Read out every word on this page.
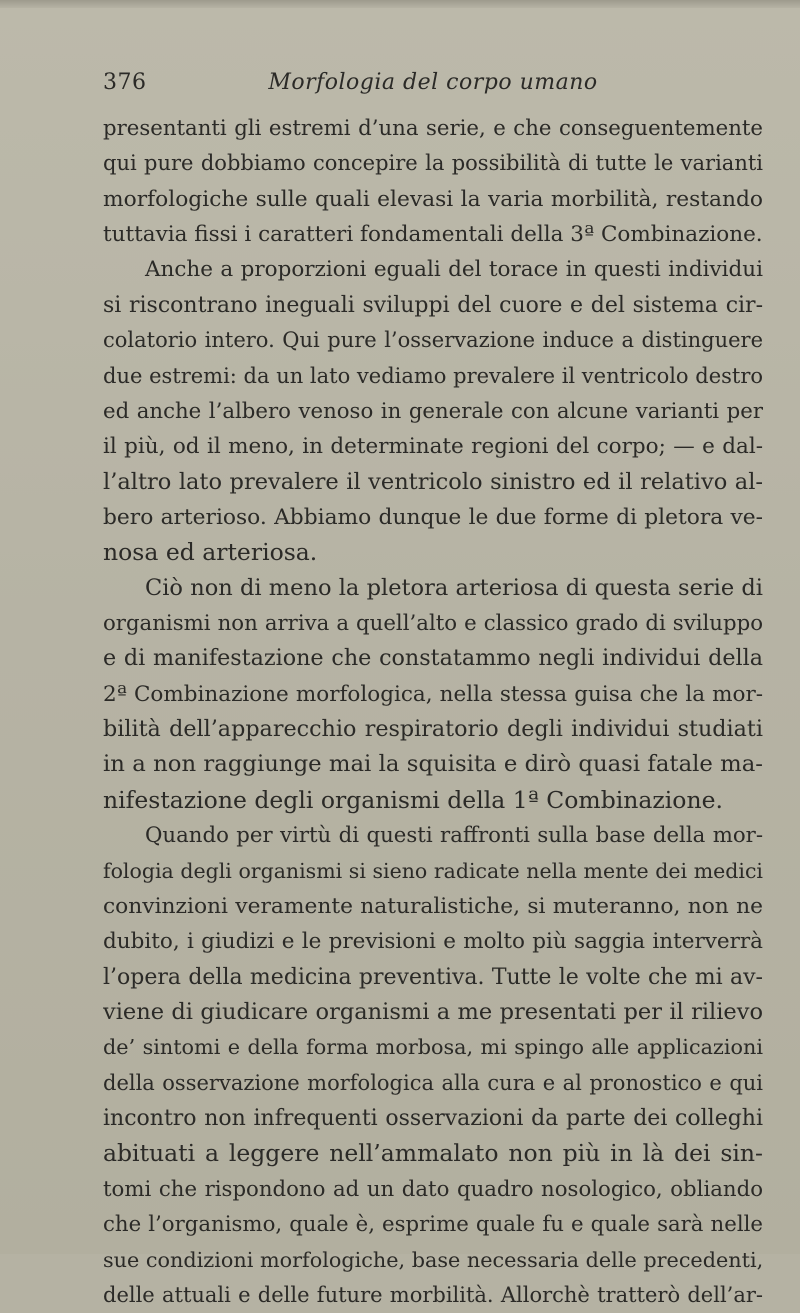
376	Morfologia del corpo umano
presentanti gli estremi d’una serie, e che conseguentemente
qui pure dobbiamo concepire la possibilità di tutte le varianti
morfologiche sulle quali elevasi la varia morbilità, restando
tuttavia fissi i caratteri fondamentali della 3ª Combinazione.
Anche a proporzioni eguali del torace in questi individui
si riscontrano ineguali sviluppi del cuore e del sistema cir-
colatorio intero. Qui pure l’osservazione induce a distinguere
due estremi: da un lato vediamo prevalere il ventricolo destro
ed anche l’albero venoso in generale con alcune varianti per
il più, od il meno, in determinate regioni del corpo; — e dal-
l’altro lato prevalere il ventricolo sinistro ed il relativo al-
bero arterioso. Abbiamo dunque le due forme di pletora ve-
nosa ed arteriosa.
Ciò non di meno la pletora arteriosa di questa serie di
organismi non arriva a quell’alto e classico grado di sviluppo
e di manifestazione che constatammo negli individui della
2ª Combinazione morfologica, nella stessa guisa che la mor-
bilità dell’apparecchio respiratorio degli individui studiati
in a non raggiunge mai la squisita e dirò quasi fatale ma-
nifestazione degli organismi della 1ª Combinazione.
Quando per virtù di questi raffronti sulla base della mor-
fologia degli organismi si sieno radicate nella mente dei medici
convinzioni veramente naturalistiche, si muteranno, non ne
dubito, i giudizi e le previsioni e molto più saggia interverrà
l’opera della medicina preventiva. Tutte le volte che mi av-
viene di giudicare organismi a me presentati per il rilievo
de’ sintomi e della forma morbosa, mi spingo alle applicazioni
della osservazione morfologica alla cura e al pronostico e qui
incontro non infrequenti osservazioni da parte dei colleghi
abituati a leggere nell’ammalato non più in là dei sin-
tomi che rispondono ad un dato quadro nosologico, obliando
che l’organismo, quale è, esprime quale fu e quale sarà nelle
sue condizioni morfologiche, base necessaria delle precedenti,
delle attuali e delle future morbilità. Allorchè tratterò dell’ar-
